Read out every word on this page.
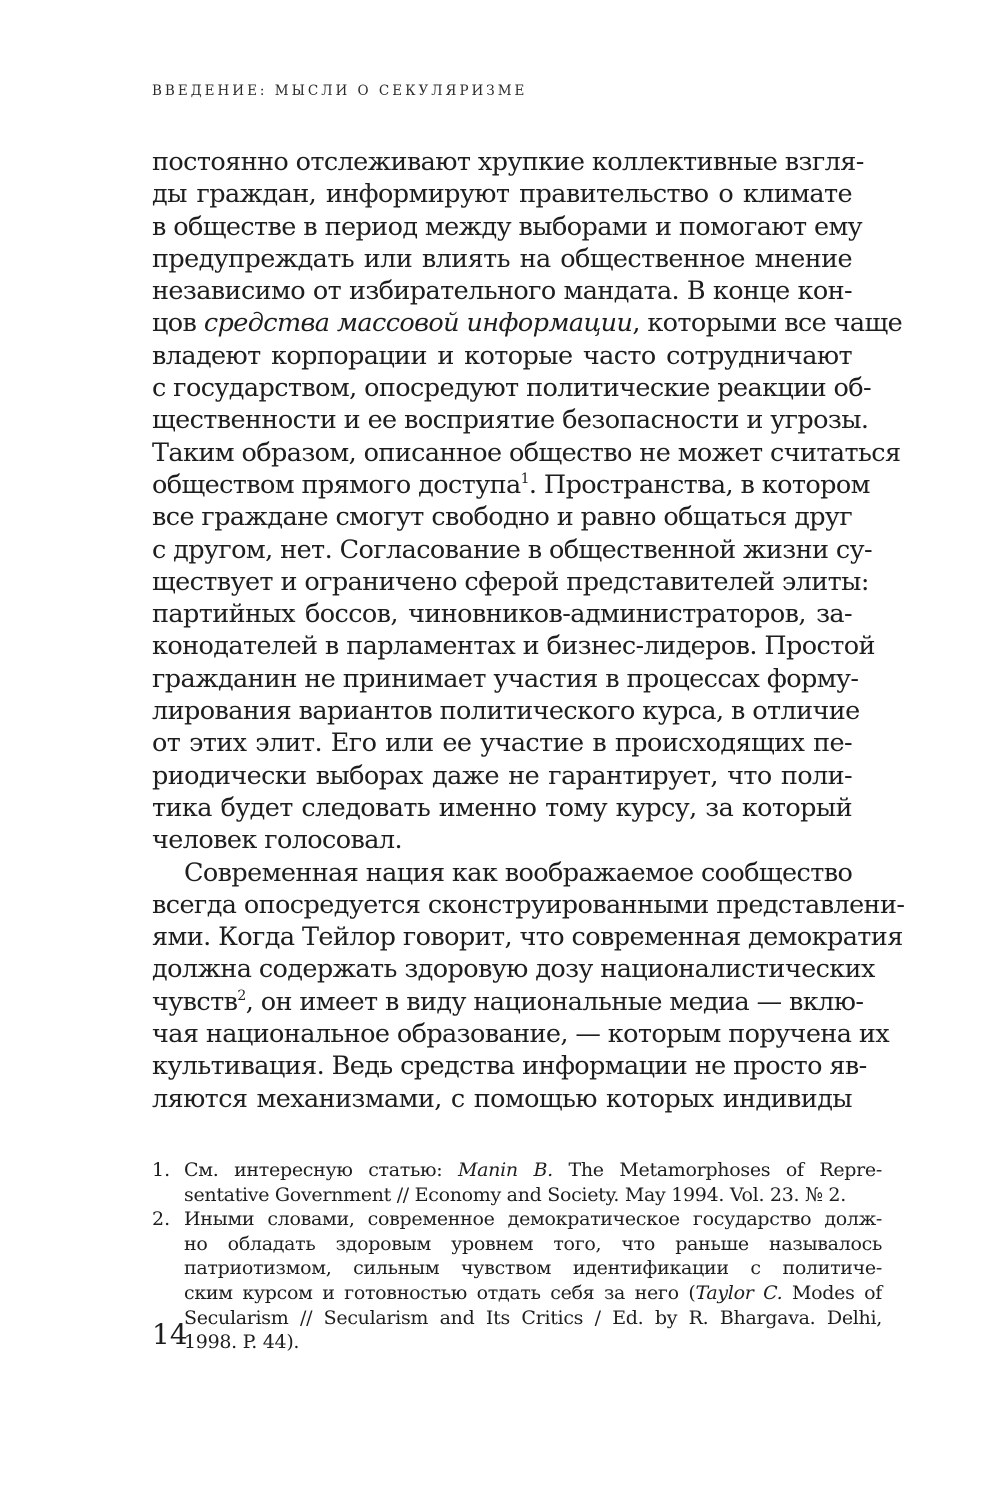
ВВЕДЕНИЕ: МЫСЛИ О СЕКУЛЯРИЗМЕ
постоянно отслеживают хрупкие коллективные взгля-
ды граждан, информируют правительство о климате
в обществе в период между выборами и помогают ему
предупреждать или влиять на общественное мнение
независимо от избирательного мандата. В конце кон-
цов средства массовой информации, которыми все чаще
владеют корпорации и которые часто сотрудничают
с государством, опосредуют политические реакции об-
щественности и ее восприятие безопасности и угрозы.
Таким образом, описанное общество не может считаться
обществом прямого доступа$^1$. Пространства, в котором
все граждане смогут свободно и равно общаться друг
с другом, нет. Согласование в общественной жизни су-
ществует и ограничено сферой представителей элиты:
партийных боссов, чиновников-администраторов, за-
конодателей в парламентах и бизнес-лидеров. Простой
гражданин не принимает участия в процессах форму-
лирования вариантов политического курса, в отличие
от этих элит. Его или ее участие в происходящих пе-
риодически выборах даже не гарантирует, что поли-
тика будет следовать именно тому курсу, за который
человек голосовал.
Современная нация как воображаемое сообщество
всегда опосредуется сконструированными представлени-
ями. Когда Тейлор говорит, что современная демократия
должна содержать здоровую дозу националистических
чувств$^2$, он имеет в виду национальные медиа — вклю-
чая национальное образование, — которым поручена их
культивация. Ведь средства информации не просто яв-
ляются механизмами, с помощью которых индивиды
1. См. интересную статью: Manin B. The Metamorphoses of Repre-
sentative Government // Economy and Society. May 1994. Vol. 23. № 2.
2. Иными словами, современное демократическое государство долж-
но обладать здоровым уровнем того, что раньше называлось
патриотизмом, сильным чувством идентификации с политиче-
ским курсом и готовностью отдать себя за него (Taylor C. Modes of
Secularism // Secularism and Its Critics / Ed. by R. Bhargava. Delhi,
1998. P. 44).
14
